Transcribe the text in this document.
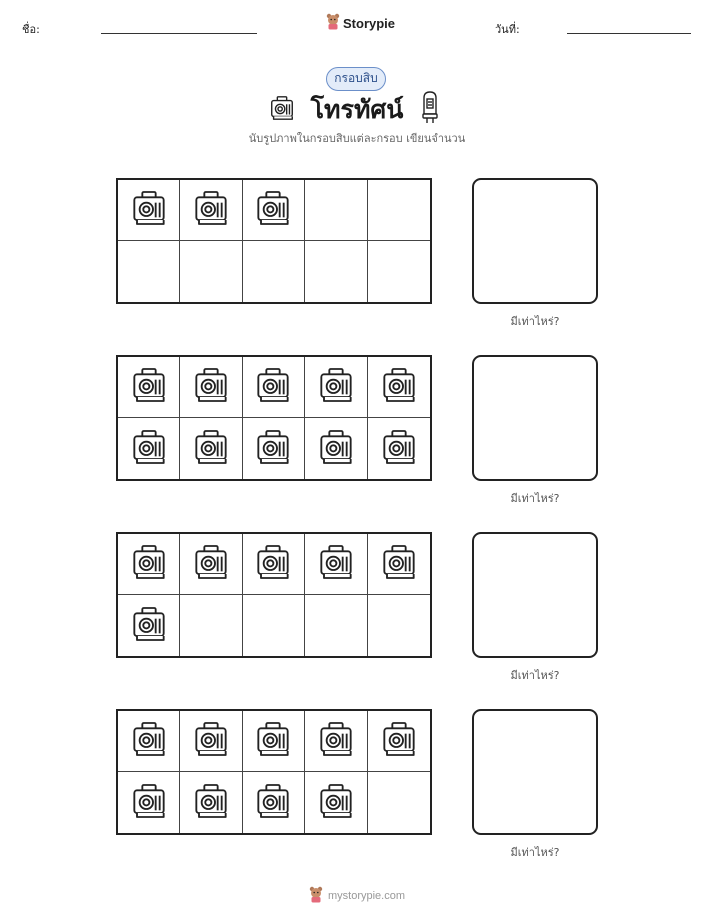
ชื่อ:	Storypie	วันที่:
กรอบสิบ
โทรทัศน์
นับรูปภาพในกรอบสิบแต่ละกรอบ เขียนจำนวน
มีเท่าไหร่?
มีเท่าไหร่?
มีเท่าไหร่?
มีเท่าไหร่?
mystorypie.com
